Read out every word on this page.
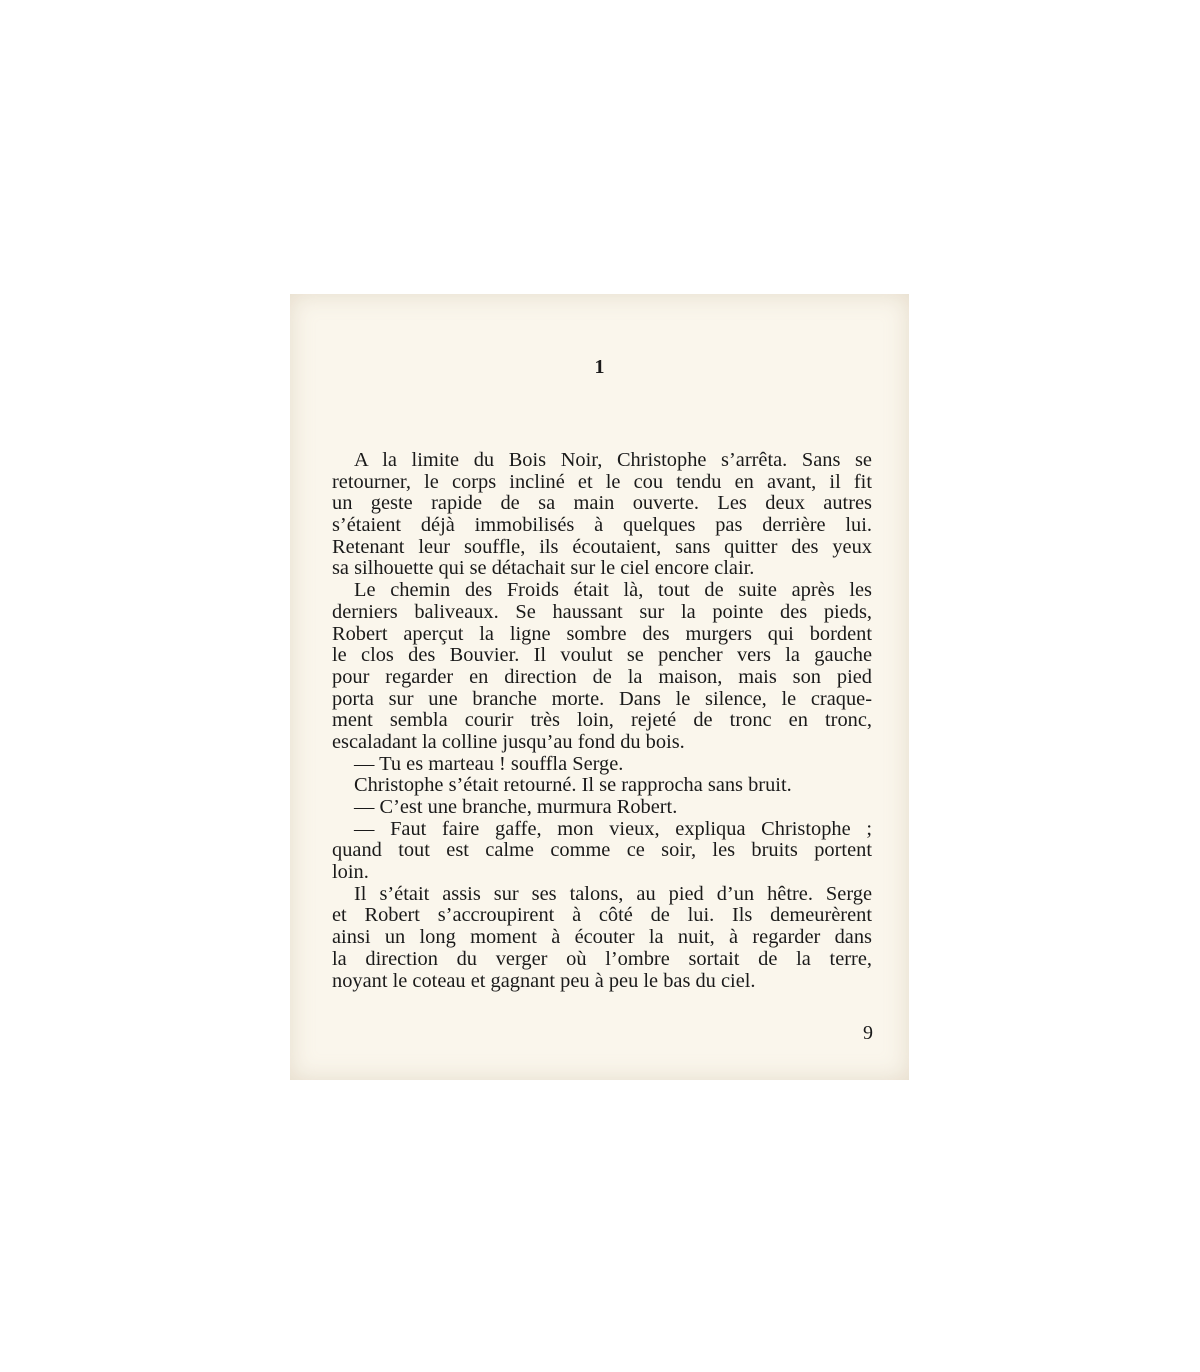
1

A la limite du Bois Noir, Christophe s’arrêta. Sans se
retourner, le corps incliné et le cou tendu en avant, il fit
un geste rapide de sa main ouverte. Les deux autres
s’étaient déjà immobilisés à quelques pas derrière lui.
Retenant leur souffle, ils écoutaient, sans quitter des yeux
sa silhouette qui se détachait sur le ciel encore clair.

Le chemin des Froids était là, tout de suite après les
derniers baliveaux. Se haussant sur la pointe des pieds,
Robert aperçut la ligne sombre des murgers qui bordent
le clos des Bouvier. Il voulut se pencher vers la gauche
pour regarder en direction de la maison, mais son pied
porta sur une branche morte. Dans le silence, le craque-
ment sembla courir très loin, rejeté de tronc en tronc,
escaladant la colline jusqu’au fond du bois.

— Tu es marteau ! souffla Serge.

Christophe s’était retourné. Il se rapprocha sans bruit.

— C’est une branche, murmura Robert.

— Faut faire gaffe, mon vieux, expliqua Christophe ;
quand tout est calme comme ce soir, les bruits portent
loin.

Il s’était assis sur ses talons, au pied d’un hêtre. Serge
et Robert s’accroupirent à côté de lui. Ils demeurèrent
ainsi un long moment à écouter la nuit, à regarder dans
la direction du verger où l’ombre sortait de la terre,
noyant le coteau et gagnant peu à peu le bas du ciel.

9
